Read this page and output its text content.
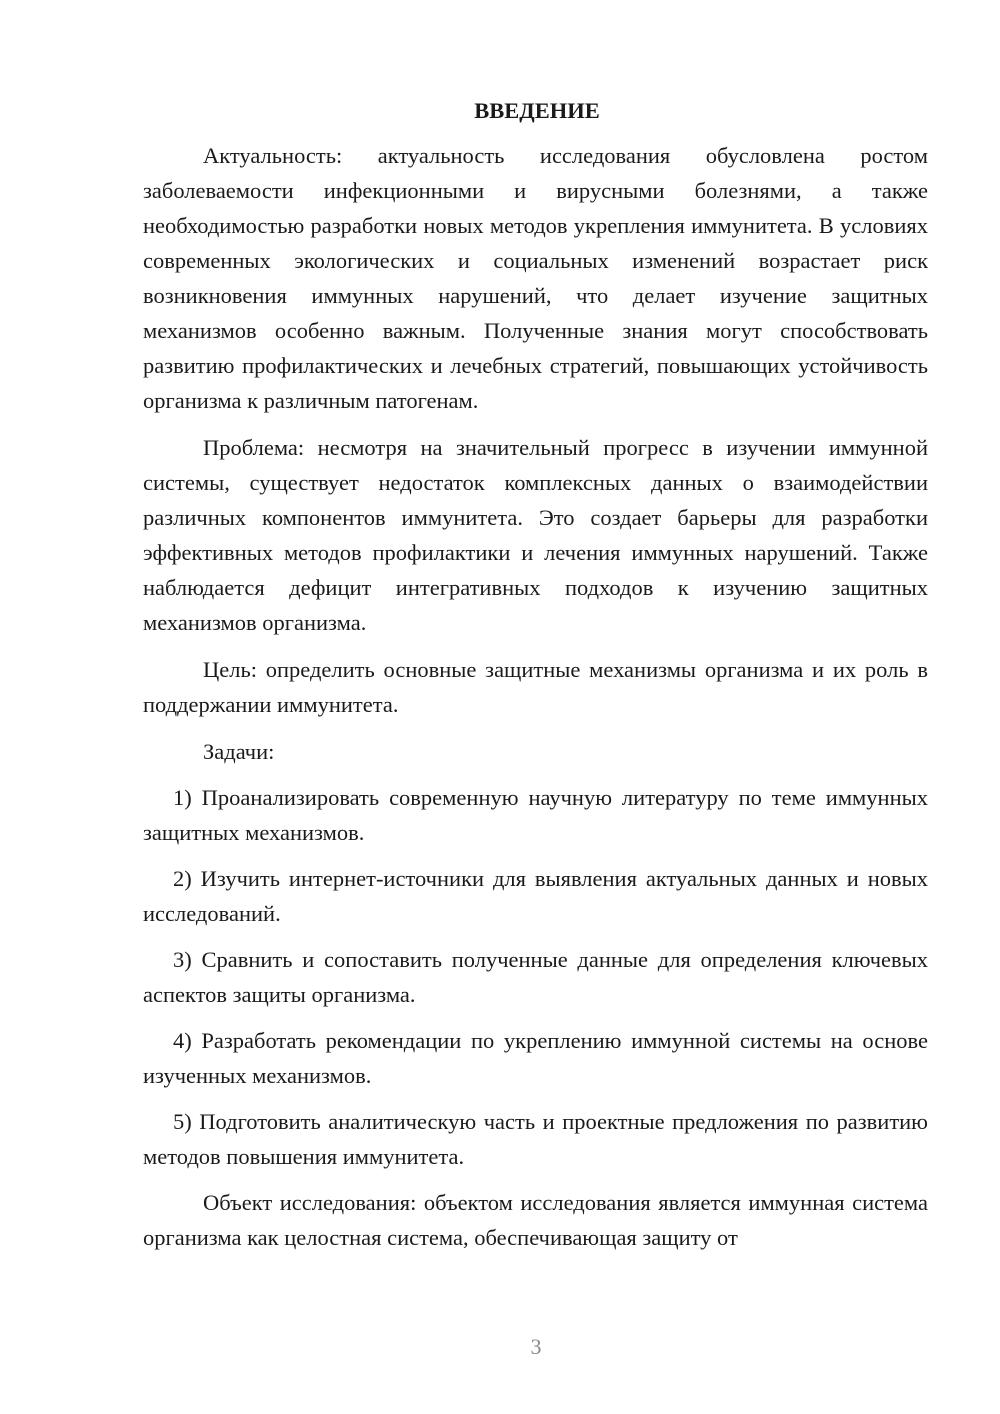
ВВЕДЕНИЕ

Актуальность: актуальность исследования обусловлена ростом заболеваемости инфекционными и вирусными болезнями, а также необходимостью разработки новых методов укрепления иммунитета. В условиях современных экологических и социальных изменений возрастает риск возникновения иммунных нарушений, что делает изучение защитных механизмов особенно важным. Полученные знания могут способствовать развитию профилактических и лечебных стратегий, повышающих устойчивость организма к различным патогенам.

Проблема: несмотря на значительный прогресс в изучении иммунной системы, существует недостаток комплексных данных о взаимодействии различных компонентов иммунитета. Это создает барьеры для разработки эффективных методов профилактики и лечения иммунных нарушений. Также наблюдается дефицит интегративных подходов к изучению защитных механизмов организма.

Цель: определить основные защитные механизмы организма и их роль в поддержании иммунитета.

Задачи:

1) Проанализировать современную научную литературу по теме иммунных защитных механизмов.

2) Изучить интернет-источники для выявления актуальных данных и новых исследований.

3) Сравнить и сопоставить полученные данные для определения ключевых аспектов защиты организма.

4) Разработать рекомендации по укреплению иммунной системы на основе изученных механизмов.

5) Подготовить аналитическую часть и проектные предложения по развитию методов повышения иммунитета.

Объект исследования: объектом исследования является иммунная система организма как целостная система, обеспечивающая защиту от

3
